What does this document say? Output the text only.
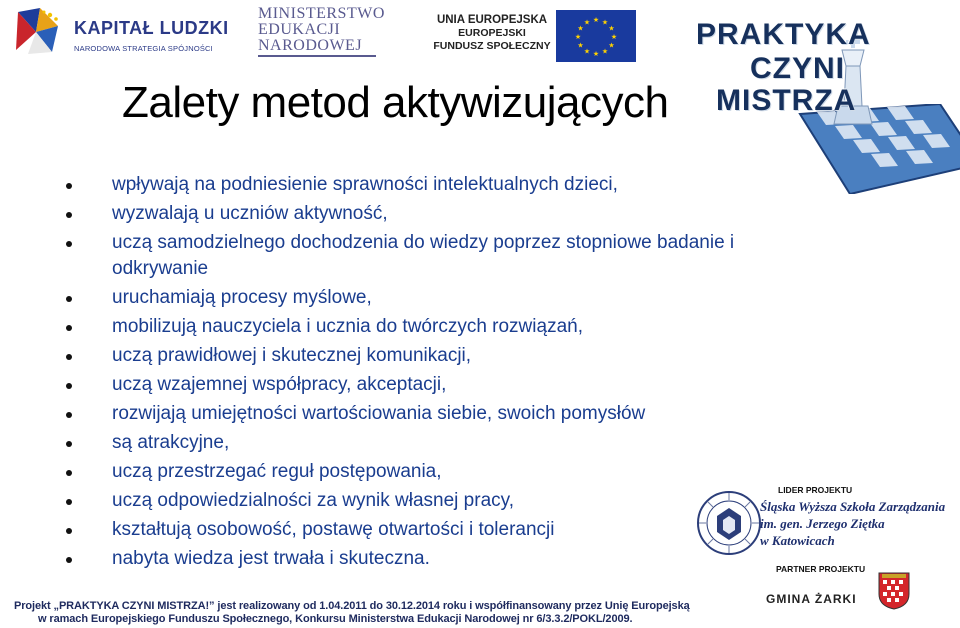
KAPITAŁ LUDZKI
NARODOWA STRATEGIA SPÓJNOŚCI
MINISTERSTWO
EDUKACJI
NARODOWEJ
UNIA EUROPEJSKA
EUROPEJSKI
FUNDUSZ SPOŁECZNY
★ ★
★
★
★
★
★
★
★
★
★
★	PRAKTYKA
CZYNI
MISTRZA
Zalety metod aktywizujących
wpływają na podniesienie sprawności intelektualnych dzieci,
wyzwalają u uczniów aktywność,
uczą samodzielnego dochodzenia do wiedzy poprzez stopniowe badanie i odkrywanie
uruchamiają procesy myślowe,
mobilizują nauczyciela i ucznia do twórczych rozwiązań,
uczą prawidłowej i skutecznej komunikacji,
uczą wzajemnej współpracy, akceptacji,
rozwijają umiejętności wartościowania siebie, swoich pomysłów
są atrakcyjne,
uczą przestrzegać reguł postępowania,
uczą odpowiedzialności za wynik własnej pracy,
kształtują osobowość, postawę otwartości i tolerancji
nabyta wiedza jest trwała i skuteczna.
LIDER PROJEKTU
Śląska Wyższa Szkoła Zarządzania
im. gen. Jerzego Ziętka
w Katowicach
PARTNER PROJEKTU
GMINA ŻARKI
Projekt „PRAKTYKA CZYNI MISTRZA!” jest realizowany od 1.04.2011 do 30.12.2014 roku i współfinansowany przez Unię Europejską
w ramach Europejskiego Funduszu Społecznego, Konkursu Ministerstwa Edukacji Narodowej nr 6/3.3.2/POKL/2009.
